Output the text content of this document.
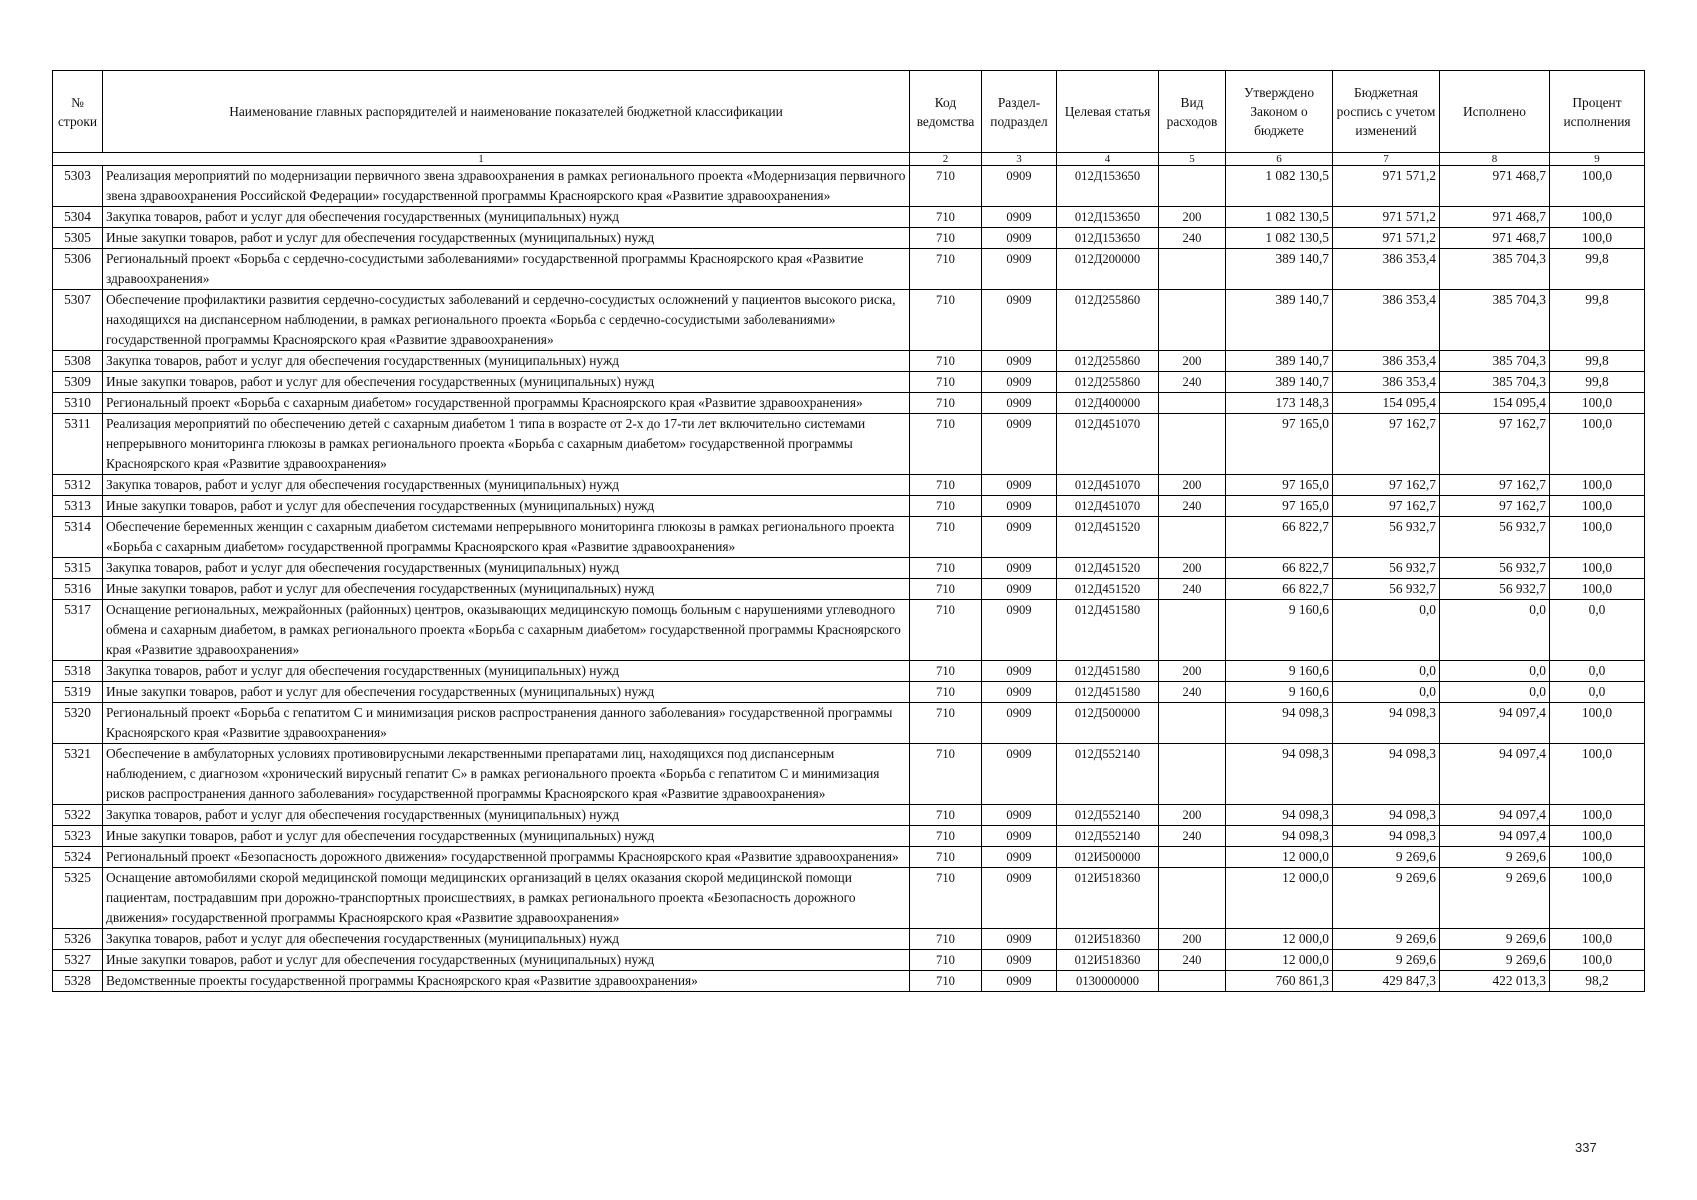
№ строки	Наименование главных распорядителей и наименование показателей бюджетной классификации	Код ведомства	Раздел-подраздел	Целевая статья	Вид расходов	Утверждено Законом о бюджете	Бюджетная роспись с учетом изменений	Исполнено	Процент исполнения
1		2	3	4	5	6	7	8	9
5303	Реализация мероприятий по модернизации первичного звена здравоохранения в рамках регионального проекта «Модернизация первичного звена здравоохранения Российской Федерации» государственной программы Красноярского края «Развитие здравоохранения»	710	0909	012Д153650		1 082 130,5	971 571,2	971 468,7	100,0
5304	Закупка товаров, работ и услуг для обеспечения государственных (муниципальных) нужд	710	0909	012Д153650	200	1 082 130,5	971 571,2	971 468,7	100,0
5305	Иные закупки товаров, работ и услуг для обеспечения государственных (муниципальных) нужд	710	0909	012Д153650	240	1 082 130,5	971 571,2	971 468,7	100,0
5306	Региональный проект «Борьба с сердечно-сосудистыми заболеваниями» государственной программы Красноярского края «Развитие здравоохранения»	710	0909	012Д200000		389 140,7	386 353,4	385 704,3	99,8
5307	Обеспечение профилактики развития сердечно-сосудистых заболеваний и сердечно-сосудистых осложнений у пациентов высокого риска, находящихся на диспансерном наблюдении, в рамках регионального проекта «Борьба с сердечно-сосудистыми заболеваниями» государственной программы Красноярского края «Развитие здравоохранения»	710	0909	012Д255860		389 140,7	386 353,4	385 704,3	99,8
5308	Закупка товаров, работ и услуг для обеспечения государственных (муниципальных) нужд	710	0909	012Д255860	200	389 140,7	386 353,4	385 704,3	99,8
5309	Иные закупки товаров, работ и услуг для обеспечения государственных (муниципальных) нужд	710	0909	012Д255860	240	389 140,7	386 353,4	385 704,3	99,8
5310	Региональный проект «Борьба с сахарным диабетом» государственной программы Красноярского края «Развитие здравоохранения»	710	0909	012Д400000		173 148,3	154 095,4	154 095,4	100,0
5311	Реализация мероприятий по обеспечению детей с сахарным диабетом 1 типа в возрасте от 2-х до 17-ти лет включительно системами непрерывного мониторинга глюкозы в рамках регионального проекта «Борьба с сахарным диабетом» государственной программы Красноярского края «Развитие здравоохранения»	710	0909	012Д451070		97 165,0	97 162,7	97 162,7	100,0
5312	Закупка товаров, работ и услуг для обеспечения государственных (муниципальных) нужд	710	0909	012Д451070	200	97 165,0	97 162,7	97 162,7	100,0
5313	Иные закупки товаров, работ и услуг для обеспечения государственных (муниципальных) нужд	710	0909	012Д451070	240	97 165,0	97 162,7	97 162,7	100,0
5314	Обеспечение беременных женщин с сахарным диабетом системами непрерывного мониторинга глюкозы в рамках регионального проекта «Борьба с сахарным диабетом» государственной программы Красноярского края «Развитие здравоохранения»	710	0909	012Д451520		66 822,7	56 932,7	56 932,7	100,0
5315	Закупка товаров, работ и услуг для обеспечения государственных (муниципальных) нужд	710	0909	012Д451520	200	66 822,7	56 932,7	56 932,7	100,0
5316	Иные закупки товаров, работ и услуг для обеспечения государственных (муниципальных) нужд	710	0909	012Д451520	240	66 822,7	56 932,7	56 932,7	100,0
5317	Оснащение региональных, межрайонных (районных) центров, оказывающих медицинскую помощь больным с нарушениями углеводного обмена и сахарным диабетом, в рамках регионального проекта «Борьба с сахарным диабетом» государственной программы Красноярского края «Развитие здравоохранения»	710	0909	012Д451580		9 160,6	0,0	0,0	0,0
5318	Закупка товаров, работ и услуг для обеспечения государственных (муниципальных) нужд	710	0909	012Д451580	200	9 160,6	0,0	0,0	0,0
5319	Иные закупки товаров, работ и услуг для обеспечения государственных (муниципальных) нужд	710	0909	012Д451580	240	9 160,6	0,0	0,0	0,0
5320	Региональный проект «Борьба с гепатитом С и минимизация рисков распространения данного заболевания» государственной программы Красноярского края «Развитие здравоохранения»	710	0909	012Д500000		94 098,3	94 098,3	94 097,4	100,0
5321	Обеспечение в амбулаторных условиях противовирусными лекарственными препаратами лиц, находящихся под диспансерным наблюдением, с диагнозом «хронический вирусный гепатит С» в рамках регионального проекта «Борьба с гепатитом С и минимизация рисков распространения данного заболевания» государственной программы Красноярского края «Развитие здравоохранения»	710	0909	012Д552140		94 098,3	94 098,3	94 097,4	100,0
5322	Закупка товаров, работ и услуг для обеспечения государственных (муниципальных) нужд	710	0909	012Д552140	200	94 098,3	94 098,3	94 097,4	100,0
5323	Иные закупки товаров, работ и услуг для обеспечения государственных (муниципальных) нужд	710	0909	012Д552140	240	94 098,3	94 098,3	94 097,4	100,0
5324	Региональный проект «Безопасность дорожного движения» государственной программы Красноярского края «Развитие здравоохранения»	710	0909	012И500000		12 000,0	9 269,6	9 269,6	100,0
5325	Оснащение автомобилями скорой медицинской помощи медицинских организаций в целях оказания скорой медицинской помощи пациентам, пострадавшим при дорожно-транспортных происшествиях, в рамках регионального проекта «Безопасность дорожного движения» государственной программы Красноярского края «Развитие здравоохранения»	710	0909	012И518360		12 000,0	9 269,6	9 269,6	100,0
5326	Закупка товаров, работ и услуг для обеспечения государственных (муниципальных) нужд	710	0909	012И518360	200	12 000,0	9 269,6	9 269,6	100,0
5327	Иные закупки товаров, работ и услуг для обеспечения государственных (муниципальных) нужд	710	0909	012И518360	240	12 000,0	9 269,6	9 269,6	100,0
5328	Ведомственные проекты государственной программы Красноярского края «Развитие здравоохранения»	710	0909	0130000000		760 861,3	429 847,3	422 013,3	98,2
337
